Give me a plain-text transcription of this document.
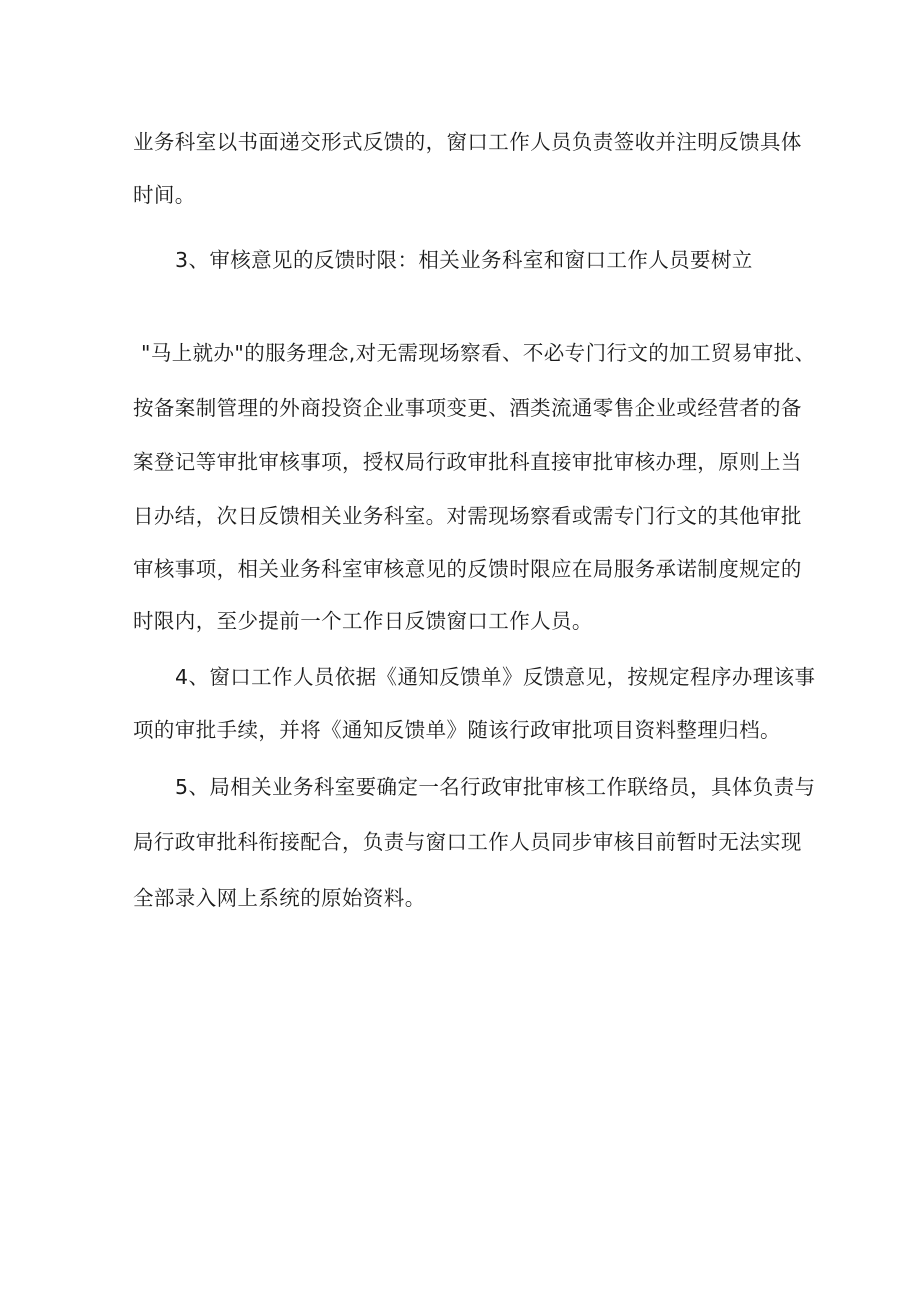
业务科室以书面递交形式反馈的，窗口工作人员负责签收并注明反馈具体
时间。
3、审核意见的反馈时限：相关业务科室和窗口工作人员要树立
"马上就办"的服务理念,对无需现场察看、不必专门行文的加工贸易审批、
按备案制管理的外商投资企业事项变更、酒类流通零售企业或经营者的备
案登记等审批审核事项，授权局行政审批科直接审批审核办理，原则上当
日办结，次日反馈相关业务科室。对需现场察看或需专门行文的其他审批
审核事项，相关业务科室审核意见的反馈时限应在局服务承诺制度规定的
时限内，至少提前一个工作日反馈窗口工作人员。
4、窗口工作人员依据《通知反馈单》反馈意见，按规定程序办理该事
项的审批手续，并将《通知反馈单》随该行政审批项目资料整理归档。
5、局相关业务科室要确定一名行政审批审核工作联络员，具体负责与
局行政审批科衔接配合，负责与窗口工作人员同步审核目前暂时无法实现
全部录入网上系统的原始资料。
